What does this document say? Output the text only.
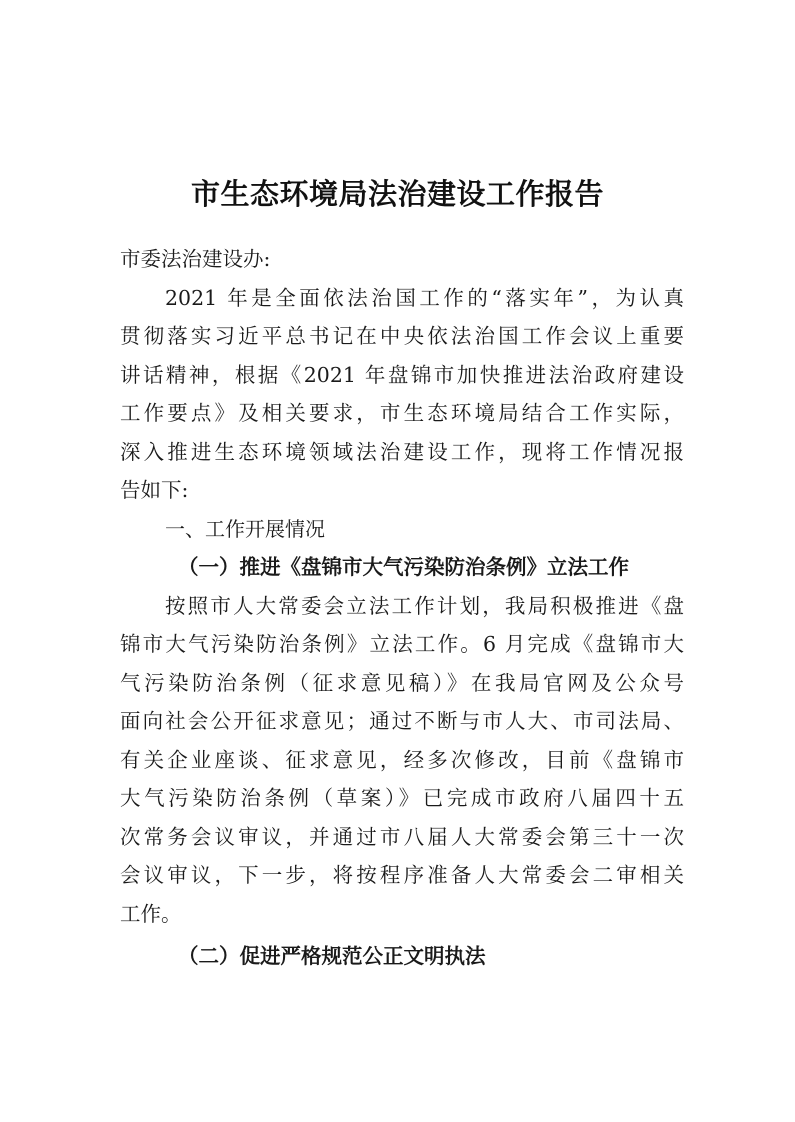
市生态环境局法治建设工作报告
市委法治建设办:
2021 年是全面依法治国工作的“落实年”，为认真
贯彻落实习近平总书记在中央依法治国工作会议上重要
讲话精神，根据《2021 年盘锦市加快推进法治政府建设
工作要点》及相关要求，市生态环境局结合工作实际，
深入推进生态环境领域法治建设工作，现将工作情况报
告如下:
一、工作开展情况
（一）推进《盘锦市大气污染防治条例》立法工作
按照市人大常委会立法工作计划，我局积极推进《盘
锦市大气污染防治条例》立法工作。6 月完成《盘锦市大
气污染防治条例（征求意见稿）》在我局官网及公众号
面向社会公开征求意见；通过不断与市人大、市司法局、
有关企业座谈、征求意见，经多次修改，目前《盘锦市
大气污染防治条例（草案）》已完成市政府八届四十五
次常务会议审议，并通过市八届人大常委会第三十一次
会议审议，下一步，将按程序准备人大常委会二审相关
工作。
（二）促进严格规范公正文明执法
